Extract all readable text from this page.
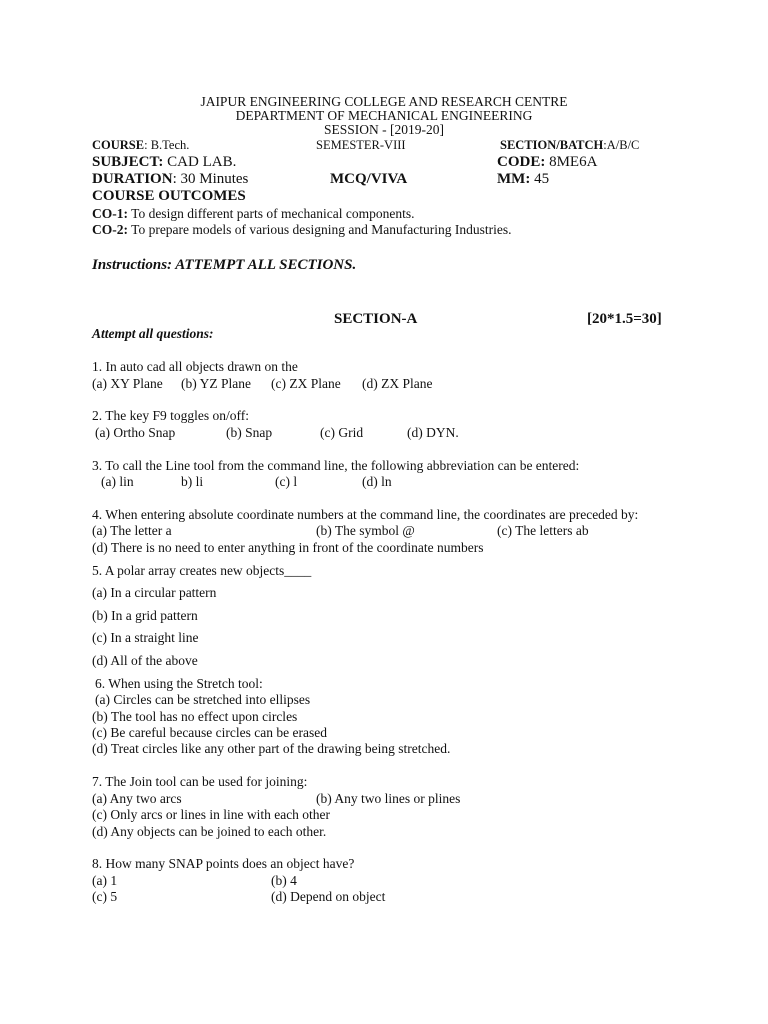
JAIPUR ENGINEERING COLLEGE AND RESEARCH CENTRE
DEPARTMENT OF MECHANICAL ENGINEERING
SESSION - [2019-20]
COURSE: B.Tech.	SEMESTER-VIII	SECTION/BATCH:A/B/C
SUBJECT: CAD LAB.	CODE: 8ME6A
DURATION: 30 Minutes	MCQ/VIVA	MM: 45
COURSE OUTCOMES
CO-1: To design different parts of mechanical components.
CO-2: To prepare models of various designing and Manufacturing Industries.
Instructions: ATTEMPT ALL SECTIONS.
SECTION-A	[20*1.5=30]
Attempt all questions:
1. In auto cad all objects drawn on the
(a) XY Plane (b) YZ Plane (c) ZX Plane (d) ZX Plane
2. The key F9 toggles on/off:
(a) Ortho Snap	(b) Snap	(c) Grid	(d) DYN.
3. To call the Line tool from the command line, the following abbreviation can be entered:
(a) lin	b) li	(c) l	(d) ln
4. When entering absolute coordinate numbers at the command line, the coordinates are preceded by:
(a) The letter a	(b) The symbol @	(c) The letters ab
(d) There is no need to enter anything in front of the coordinate numbers
5. A polar array creates new objects____
(a) In a circular pattern
(b) In a grid pattern
(c) In a straight line
(d) All of the above
6. When using the Stretch tool:
(a) Circles can be stretched into ellipses
(b) The tool has no effect upon circles
(c) Be careful because circles can be erased
(d) Treat circles like any other part of the drawing being stretched.
7. The Join tool can be used for joining:
(a) Any two arcs	(b) Any two lines or plines
(c) Only arcs or lines in line with each other
(d) Any objects can be joined to each other.
8. How many SNAP points does an object have?
(a) 1	(b) 4
(c) 5	(d) Depend on object
